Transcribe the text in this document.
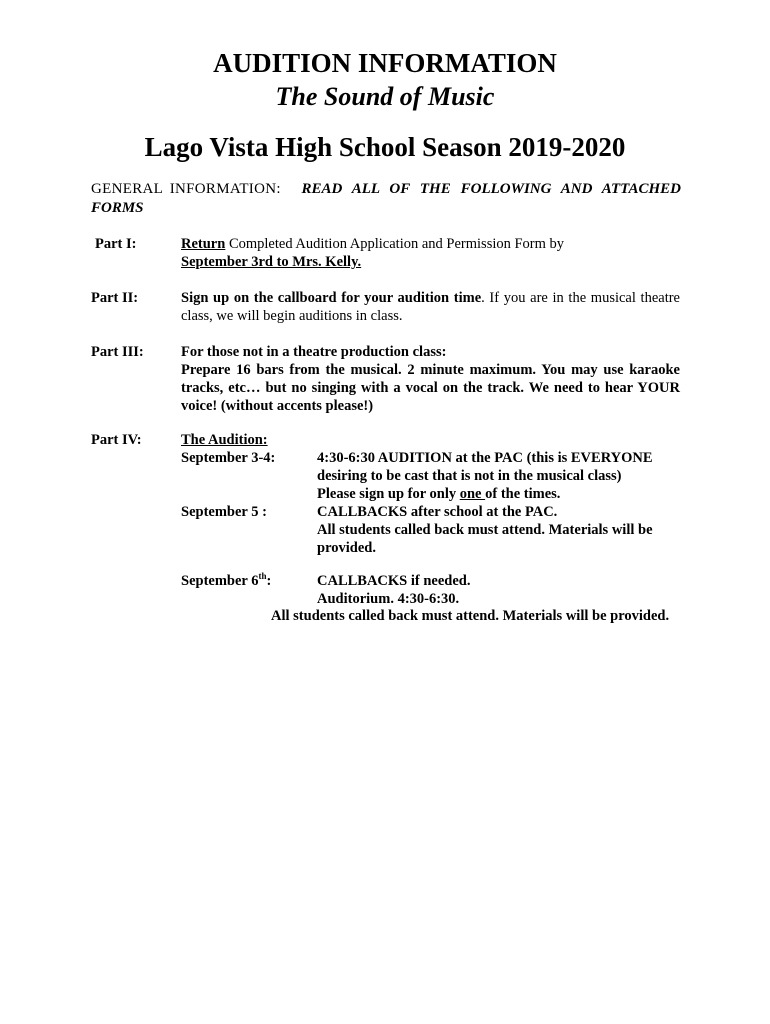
AUDITION INFORMATION
The Sound of Music
Lago Vista High School Season 2019-2020
GENERAL INFORMATION: READ ALL OF THE FOLLOWING AND ATTACHED FORMS
Part I:	Return Completed Audition Application and Permission Form by
September 3rd to Mrs. Kelly.
Part II:	Sign up on the callboard for your audition time. If you are in the musical theatre class, we will begin auditions in class.
Part III:	For those not in a theatre production class:
Prepare 16 bars from the musical. 2 minute maximum. You may use karaoke tracks, etc… but no singing with a vocal on the track. We need to hear YOUR voice! (without accents please!)
Part IV:	The Audition:
September 3-4:	4:30-6:30 AUDITION at the PAC (this is EVERYONE desiring to be cast that is not in the musical class)
Please sign up for only one of the times.
September 5 :	CALLBACKS after school at the PAC.
All students called back must attend. Materials will be provided.
September 6th:	CALLBACKS if needed.
Auditorium. 4:30-6:30.
All students called back must attend. Materials will be provided.
